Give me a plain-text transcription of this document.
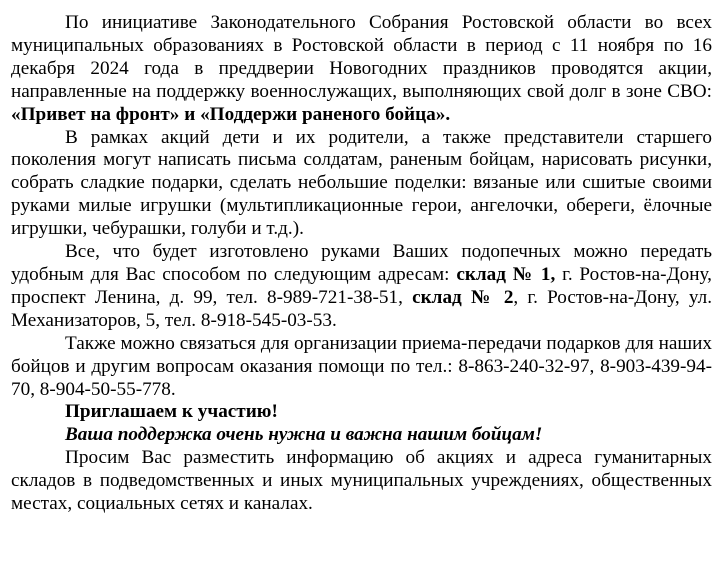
По инициативе Законодательного Собрания Ростовской области во всех муниципальных образованиях в Ростовской области в период с 11 ноября по 16 декабря 2024 года в преддверии Новогодних праздников проводятся акции, направленные на поддержку военнослужащих, выполняющих свой долг в зоне СВО: «Привет на фронт» и «Поддержи раненого бойца».

В рамках акций дети и их родители, а также представители старшего поколения могут написать письма солдатам, раненым бойцам, нарисовать рисунки, собрать сладкие подарки, сделать небольшие поделки: вязаные или сшитые своими руками милые игрушки (мультипликационные герои, ангелочки, обереги, ёлочные игрушки, чебурашки, голуби и т.д.).

Все, что будет изготовлено руками Ваших подопечных можно передать удобным для Вас способом по следующим адресам: склад № 1, г. Ростов-на-Дону, проспект Ленина, д. 99, тел. 8-989-721-38-51, склад № 2, г. Ростов-на-Дону, ул. Механизаторов, 5, тел. 8-918-545-03-53.

Также можно связаться для организации приема-передачи подарков для наших бойцов и другим вопросам оказания помощи по тел.: 8-863-240-32-97, 8-903-439-94-70, 8-904-50-55-778.

Приглашаем к участию!

Ваша поддержка очень нужна и важна нашим бойцам!

Просим Вас разместить информацию об акциях и адреса гуманитарных складов в подведомственных и иных муниципальных учреждениях, общественных местах, социальных сетях и каналах.
